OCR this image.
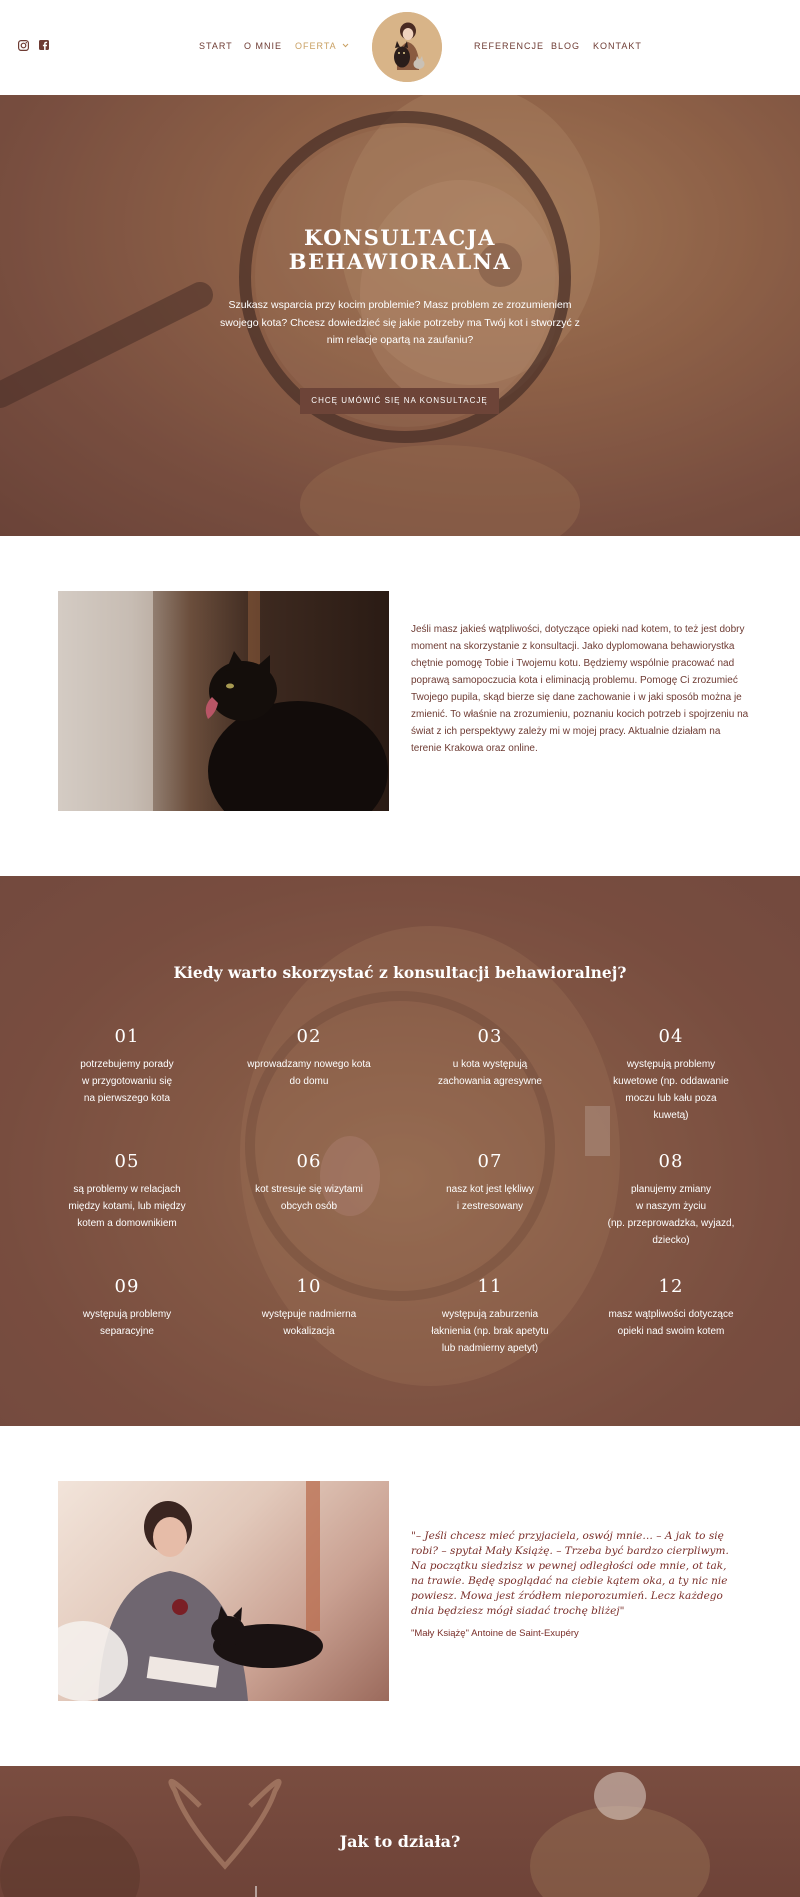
START O MNIE OFERTA	REFERENCJE BLOG KONTAKT
KONSULTACJA BEHAWIORALNA

Szukasz wsparcia przy kocim problemie? Masz problem ze zrozumieniem swojego kota? Chcesz dowiedzieć się jakie potrzeby ma Twój kot i stworzyć z nim relacje opartą na zaufaniu?

CHCĘ UMÓWIĆ SIĘ NA KONSULTACJĘ

Jeśli masz jakieś wątpliwości, dotyczące opieki nad kotem, to też jest dobry moment na skorzystanie z konsultacji. Jako dyplomowana behawiorystka chętnie pomogę Tobie i Twojemu kotu. Będziemy wspólnie pracować nad poprawą samopoczucia kota i eliminacją problemu. Pomogę Ci zrozumieć Twojego pupila, skąd bierze się dane zachowanie i w jaki sposób można je zmienić. To właśnie na zrozumieniu, poznaniu kocich potrzeb i spojrzeniu na świat z ich perspektywy zależy mi w mojej pracy. Aktualnie działam na terenie Krakowa oraz online.

Kiedy warto skorzystać z konsultacji behawioralnej?
01
potrzebujemy porady
w przygotowaniu się
na pierwszego kota
02
wprowadzamy nowego kota
do domu
03
u kota występują
zachowania agresywne
04
występują problemy
kuwetowe (np. oddawanie
moczu lub kału poza
kuwetą)
05
są problemy w relacjach
między kotami, lub między
kotem a domownikiem
06
kot stresuje się wizytami
obcych osób
07
nasz kot jest lękliwy
i zestresowany
08
planujemy zmiany
w naszym życiu
(np. przeprowadzka, wyjazd,
dziecko)
09
występują problemy
separacyjne
10
występuje nadmierna
wokalizacja
11
występują zaburzenia
łaknienia (np. brak apetytu
lub nadmierny apetyt)
12
masz wątpliwości dotyczące
opieki nad swoim kotem
"– Jeśli chcesz mieć przyjaciela, oswój mnie… – A jak to się robi? – spytał Mały Książę. – Trzeba być bardzo cierpliwym. Na początku siedzisz w pewnej odległości ode mnie, ot tak, na trawie. Będę spoglądać na ciebie kątem oka, a ty nic nie powiesz. Mowa jest źródłem nieporozumień. Lecz każdego dnia będziesz mógł siadać trochę bliżej"

"Mały Książę" Antoine de Saint-Exupéry

Jak to działa?
